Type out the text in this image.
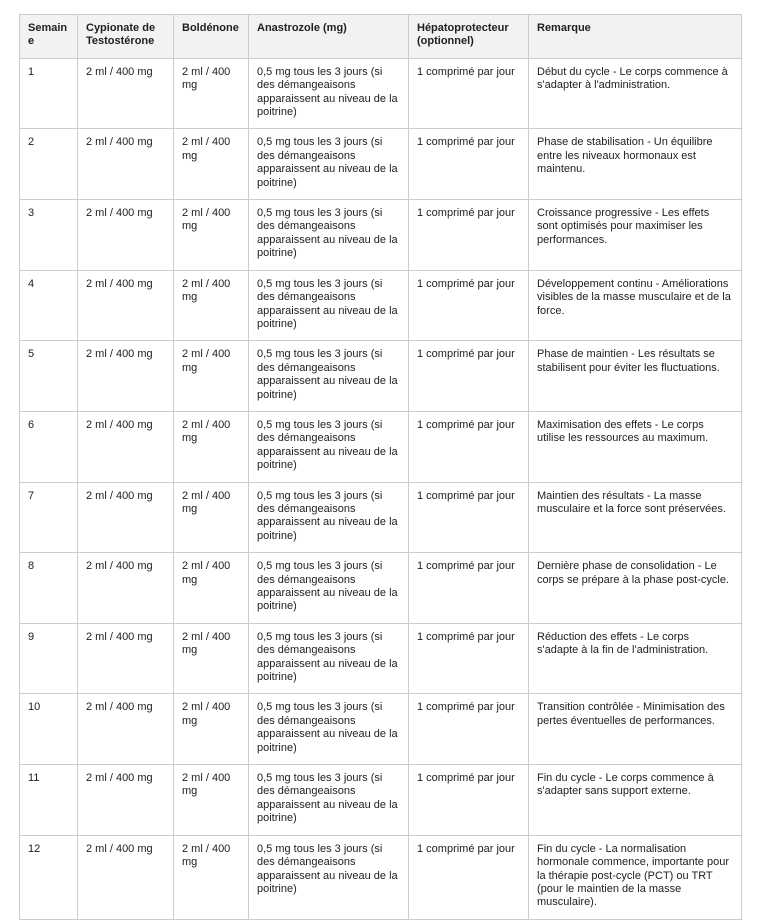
Semaine	Cypionate de Testostérone	Boldénone	Anastrozole (mg)	Hépatoprotecteur (optionnel)	Remarque
1	2 ml / 400 mg	2 ml / 400 mg	0,5 mg tous les 3 jours (si des démangeaisons apparaissent au niveau de la poitrine)	1 comprimé par jour	Début du cycle - Le corps commence à s'adapter à l'administration.
2	2 ml / 400 mg	2 ml / 400 mg	0,5 mg tous les 3 jours (si des démangeaisons apparaissent au niveau de la poitrine)	1 comprimé par jour	Phase de stabilisation - Un équilibre entre les niveaux hormonaux est maintenu.
3	2 ml / 400 mg	2 ml / 400 mg	0,5 mg tous les 3 jours (si des démangeaisons apparaissent au niveau de la poitrine)	1 comprimé par jour	Croissance progressive - Les effets sont optimisés pour maximiser les performances.
4	2 ml / 400 mg	2 ml / 400 mg	0,5 mg tous les 3 jours (si des démangeaisons apparaissent au niveau de la poitrine)	1 comprimé par jour	Développement continu - Améliorations visibles de la masse musculaire et de la force.
5	2 ml / 400 mg	2 ml / 400 mg	0,5 mg tous les 3 jours (si des démangeaisons apparaissent au niveau de la poitrine)	1 comprimé par jour	Phase de maintien - Les résultats se stabilisent pour éviter les fluctuations.
6	2 ml / 400 mg	2 ml / 400 mg	0,5 mg tous les 3 jours (si des démangeaisons apparaissent au niveau de la poitrine)	1 comprimé par jour	Maximisation des effets - Le corps utilise les ressources au maximum.
7	2 ml / 400 mg	2 ml / 400 mg	0,5 mg tous les 3 jours (si des démangeaisons apparaissent au niveau de la poitrine)	1 comprimé par jour	Maintien des résultats - La masse musculaire et la force sont préservées.
8	2 ml / 400 mg	2 ml / 400 mg	0,5 mg tous les 3 jours (si des démangeaisons apparaissent au niveau de la poitrine)	1 comprimé par jour	Dernière phase de consolidation - Le corps se prépare à la phase post-cycle.
9	2 ml / 400 mg	2 ml / 400 mg	0,5 mg tous les 3 jours (si des démangeaisons apparaissent au niveau de la poitrine)	1 comprimé par jour	Réduction des effets - Le corps s'adapte à la fin de l'administration.
10	2 ml / 400 mg	2 ml / 400 mg	0,5 mg tous les 3 jours (si des démangeaisons apparaissent au niveau de la poitrine)	1 comprimé par jour	Transition contrôlée - Minimisation des pertes éventuelles de performances.
11	2 ml / 400 mg	2 ml / 400 mg	0,5 mg tous les 3 jours (si des démangeaisons apparaissent au niveau de la poitrine)	1 comprimé par jour	Fin du cycle - Le corps commence à s'adapter sans support externe.
12	2 ml / 400 mg	2 ml / 400 mg	0,5 mg tous les 3 jours (si des démangeaisons apparaissent au niveau de la poitrine)	1 comprimé par jour	Fin du cycle - La normalisation hormonale commence, importante pour la thérapie post-cycle (PCT) ou TRT (pour le maintien de la masse musculaire).
